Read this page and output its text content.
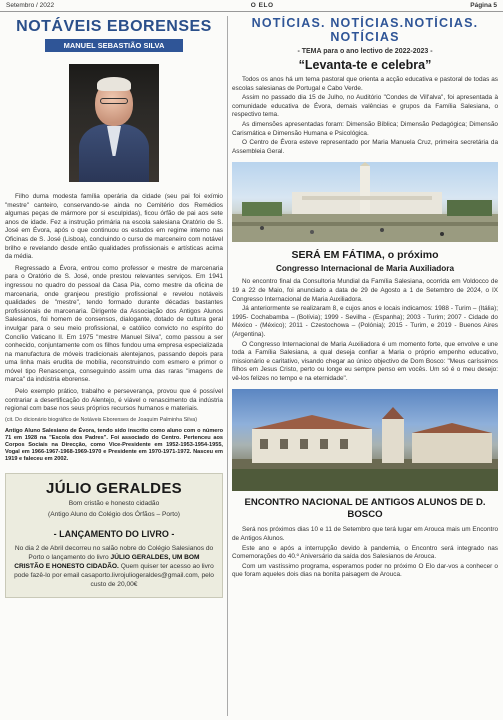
Setembro / 2022	O ELO	Página 5
NOTÁVEIS EBORENSES
MANUEL SEBASTIÃO SILVA

Filho duma modesta família operária da cidade (seu pai foi exímio "mestre" canteiro, conservando-se ainda no Cemitério dos Remédios algumas peças de mármore por si esculpidas), ficou órfão de pai aos sete anos de idade. Fez a instrução primária na escola salesiana Oratório de S. José em Évora, após o que continuou os estudos em regime interno nas Oficinas de S. José (Lisboa), concluindo o curso de marceneiro com notável brilho e revelando desde então qualidades profissionais e artísticas acima da média.

Regressado a Évora, entrou como professor e mestre de marcenaria para o Oratório de S. José, onde prestou relevantes serviços. Em 1941 ingressou no quadro do pessoal da Casa Pia, como mestre da oficina de marcenaria, onde granjeou prestígio profissional e revelou notáveis qualidades de "mestre", tendo formado durante décadas bastantes profissionais de marcenaria. Dirigente da Associação dos Antigos Alunos Salesianos, foi homem de consensos, dialogante, dotado de cultura geral invulgar para o seu meio profissional, e católico convicto no espírito do Concílio Vaticano II. Em 1975 "mestre Manuel Silva", como passou a ser conhecido, conjuntamente com os filhos fundou uma empresa especializada na manufactura de móveis tradicionais alentejanos, passando depois para uma linha mais erudita de mobília, reconstruindo com esmero e primor o móvel tipo Renascença, conseguindo assim uma das raras "imagens de marca" da indústria eborense.

Pelo exemplo prático, trabalho e perseverança, provou que é possível contrariar a desertificação do Alentejo, é viável o renascimento da indústria regional com base nos seus próprios recursos humanos e materiais.

(cit. Do dicionário biográfico de Notáveis Eborenses de Joaquim Palminha Silva)
Antigo Aluno Salesiano de Évora, tendo sido inscrito como aluno com o número 71 em 1928 na "Escola dos Padres". Foi associado do Centro. Pertenceu aos Corpos Sociais na Direcção, como Vice-Presidente em 1952-1953-1954-1955, Vogal em 1966-1967-1968-1969-1970 e Presidente em 1970-1971-1972. Nasceu em 1919 e faleceu em 2002.
JÚLIO GERALDES
Bom cristão e honesto cidadão
(Antigo Aluno do Colégio dos Órfãos – Porto)
- LANÇAMENTO DO LIVRO -
No dia 2 de Abril decorreu no salão nobre do Colégio Salesianos do Porto o lançamento do livro JÚLIO GERALDES, UM BOM CRISTÃO E HONESTO CIDADÃO. Quem quiser ter acesso ao livro pode fazê-lo por email casaporto.livrojuliogeraldes@gmail.com, pelo custo de 20,00€
NOTÍCIAS. NOTÍCIAS.NOTÍCIAS. NOTÍCIAS
- TEMA para o ano lectivo de 2022-2023 -
“Levanta-te e celebra”

Todos os anos há um tema pastoral que orienta a acção educativa e pastoral de todas as escolas salesianas de Portugal e Cabo Verde.

Assim no passado dia 15 de Julho, no Auditório "Condes de Vill'alva", foi apresentada à comunidade educativa de Évora, demais valências e grupos da Família Salesiana, o respectivo tema.

As dimensões apresentadas foram: Dimensão Bíblica; Dimensão Pedagógica; Dimensão Carismática e Dimensão Humana e Psicológica.

O Centro de Évora esteve representado por Maria Manuela Cruz, primeira secretária da Assembleia Geral.

SERÁ EM FÁTIMA, o próximo
Congresso Internacional de Maria Auxiliadora

No encontro final da Consultoria Mundial da Família Salesiana, ocorrida em Voldocco de 19 a 22 de Maio, foi anunciado a data de 29 de Agosto a 1 de Setembro de 2024, o IX Congresso Internacional de Maria Auxiliadora.

Já anteriormente se realizaram 8, e cujos anos e locais indicamos: 1988 - Turim – (Itália); 1995- Cochabamba – (Bolívia); 1999 - Sevilha - (Espanha); 2003 - Turim; 2007 - Cidade do México - (México); 2011 - Czestochowa – (Polónia); 2015 - Turim, e 2019 - Buenos Aires (Argentina).

O Congresso Internacional de Maria Auxiliadora é um momento forte, que envolve e une toda a Família Salesiana, a qual deseja confiar a Maria o próprio empenho educativo, missionário e caritativo, visando chegar ao único objectivo de Dom Bosco: "Meus caríssimos filhos em Jesus Cristo, perto ou longe eu sempre penso em vocês. Um só é o meu desejo: vê-los felizes no tempo e na eternidade".

ENCONTRO NACIONAL DE ANTIGOS ALUNOS DE D. BOSCO

Será nos próximos dias 10 e 11 de Setembro que terá lugar em Arouca mais um Encontro de Antigos Alunos.

Este ano e após a interrupção devido à pandemia, o Encontro será integrado nas Comemorações do 40.º Aniversário da saída dos Salesianos de Arouca.

Com um vastíssimo programa, esperamos poder no próximo O Elo dar-vos a conhecer o que foram aqueles dois dias na bonita paisagem de Arouca.
